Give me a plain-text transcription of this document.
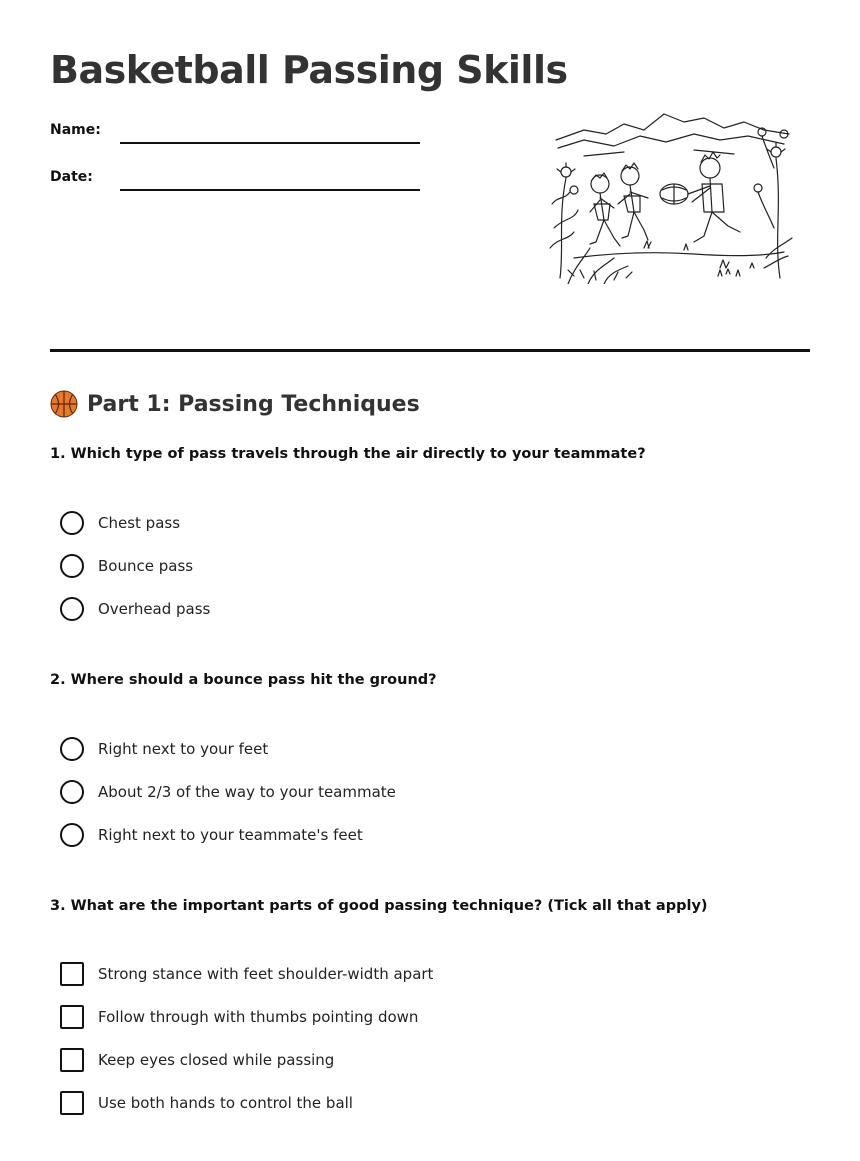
Basketball Passing Skills
Name:
Date:
Part 1: Passing Techniques
1. Which type of pass travels through the air directly to your teammate?
Chest pass
Bounce pass
Overhead pass
2. Where should a bounce pass hit the ground?
Right next to your feet
About 2/3 of the way to your teammate
Right next to your teammate's feet
3. What are the important parts of good passing technique? (Tick all that apply)
Strong stance with feet shoulder-width apart
Follow through with thumbs pointing down
Keep eyes closed while passing
Use both hands to control the ball
